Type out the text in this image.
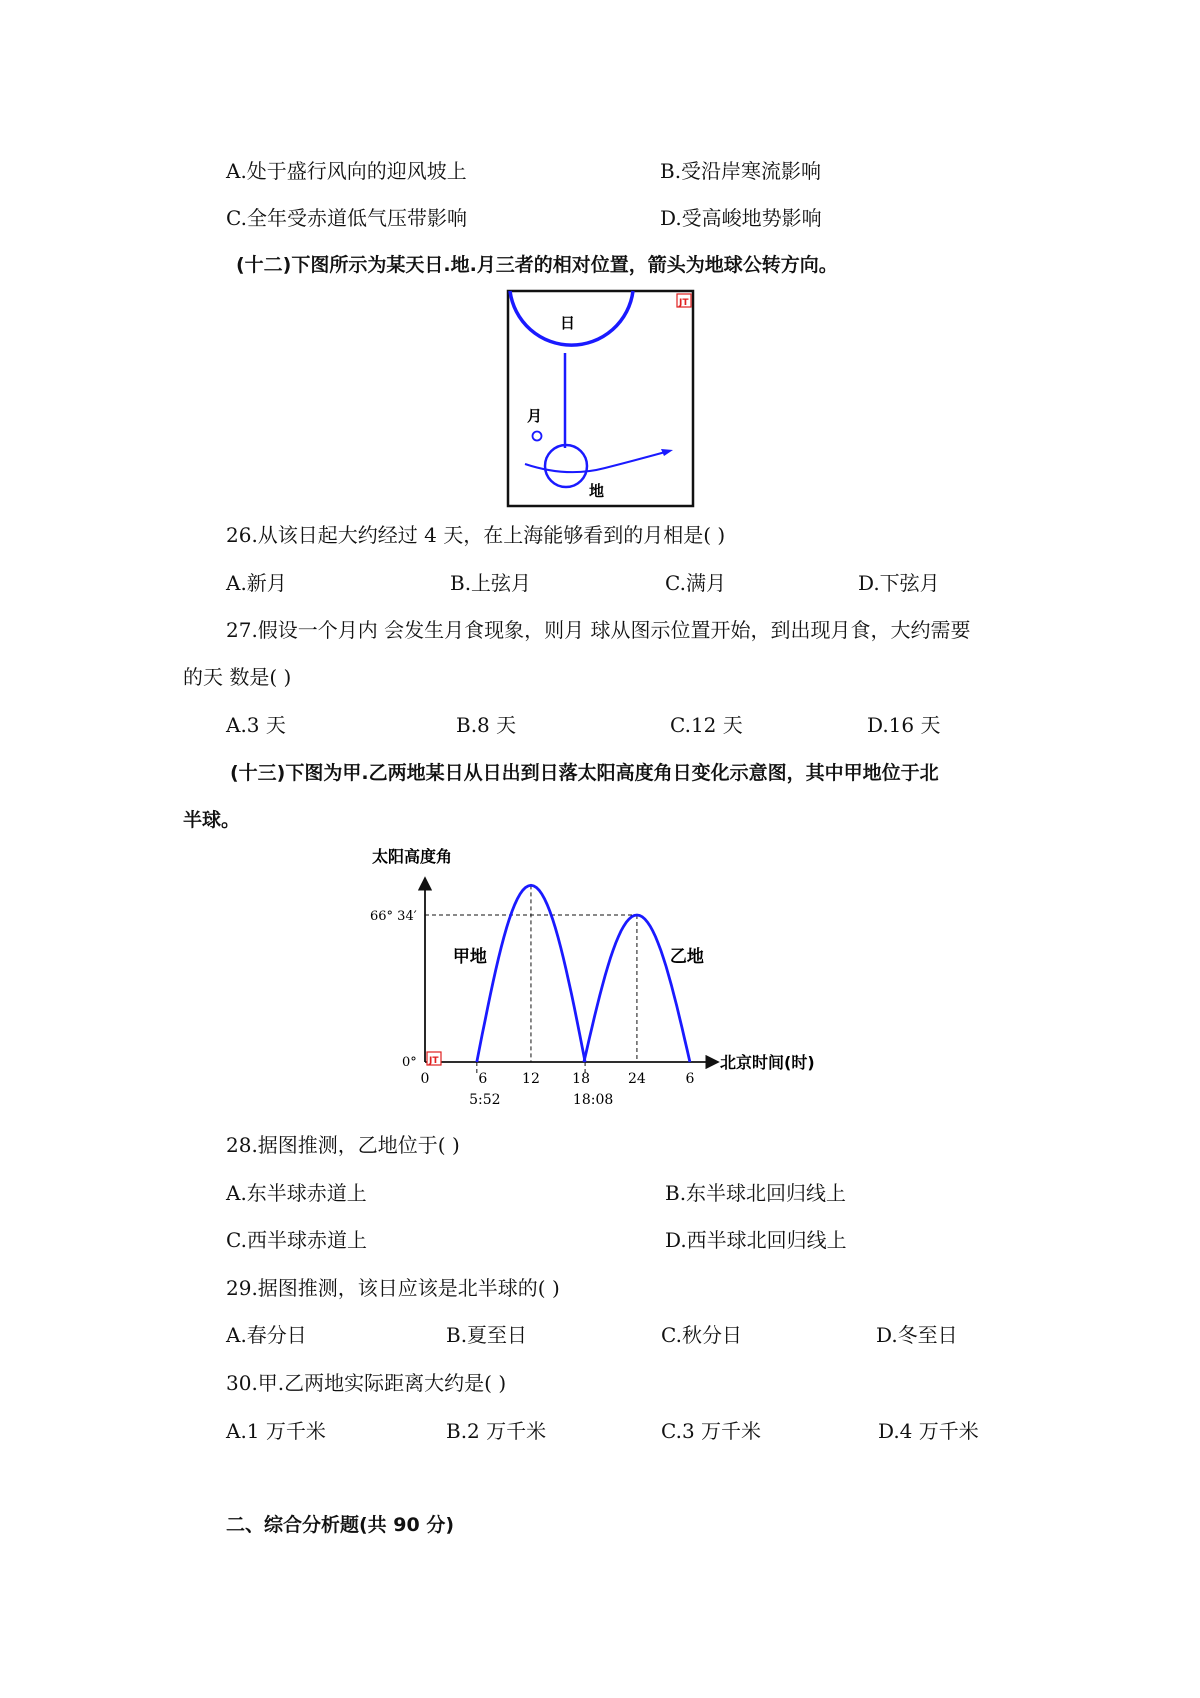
A.处于盛行风向的迎风坡上	B.受沿岸寒流影响
C.全年受赤道低气压带影响	D.受高峻地势影响
(十二)下图所示为某天日.地.月三者的相对位置，箭头为地球公转方向。
日
月
地
JT
26.从该日起大约经过 4 天，在上海能够看到的月相是( )
A.新月	B.上弦月	C.满月	D.下弦月
27.假设一个月内 会发生月食现象，则月 球从图示位置开始，到出现月食，大约需要
的天 数是( )
A.3 天	B.8 天	C.12 天	D.16 天
(十三)下图为甲.乙两地某日从日出到日落太阳高度角日变化示意图，其中甲地位于北
半球。
太阳高度角
北京时间(时)
66° 34′
0°
0	6 12 18	24	6
5:52	18:08
甲地	乙地
JT
28.据图推测，乙地位于( )
A.东半球赤道上	B.东半球北回归线上
C.西半球赤道上	D.西半球北回归线上
29.据图推测，该日应该是北半球的( )
A.春分日	B.夏至日	C.秋分日	D.冬至日
30.甲.乙两地实际距离大约是( )
A.1 万千米	B.2 万千米	C.3 万千米	D.4 万千米
二、综合分析题(共 90 分)
